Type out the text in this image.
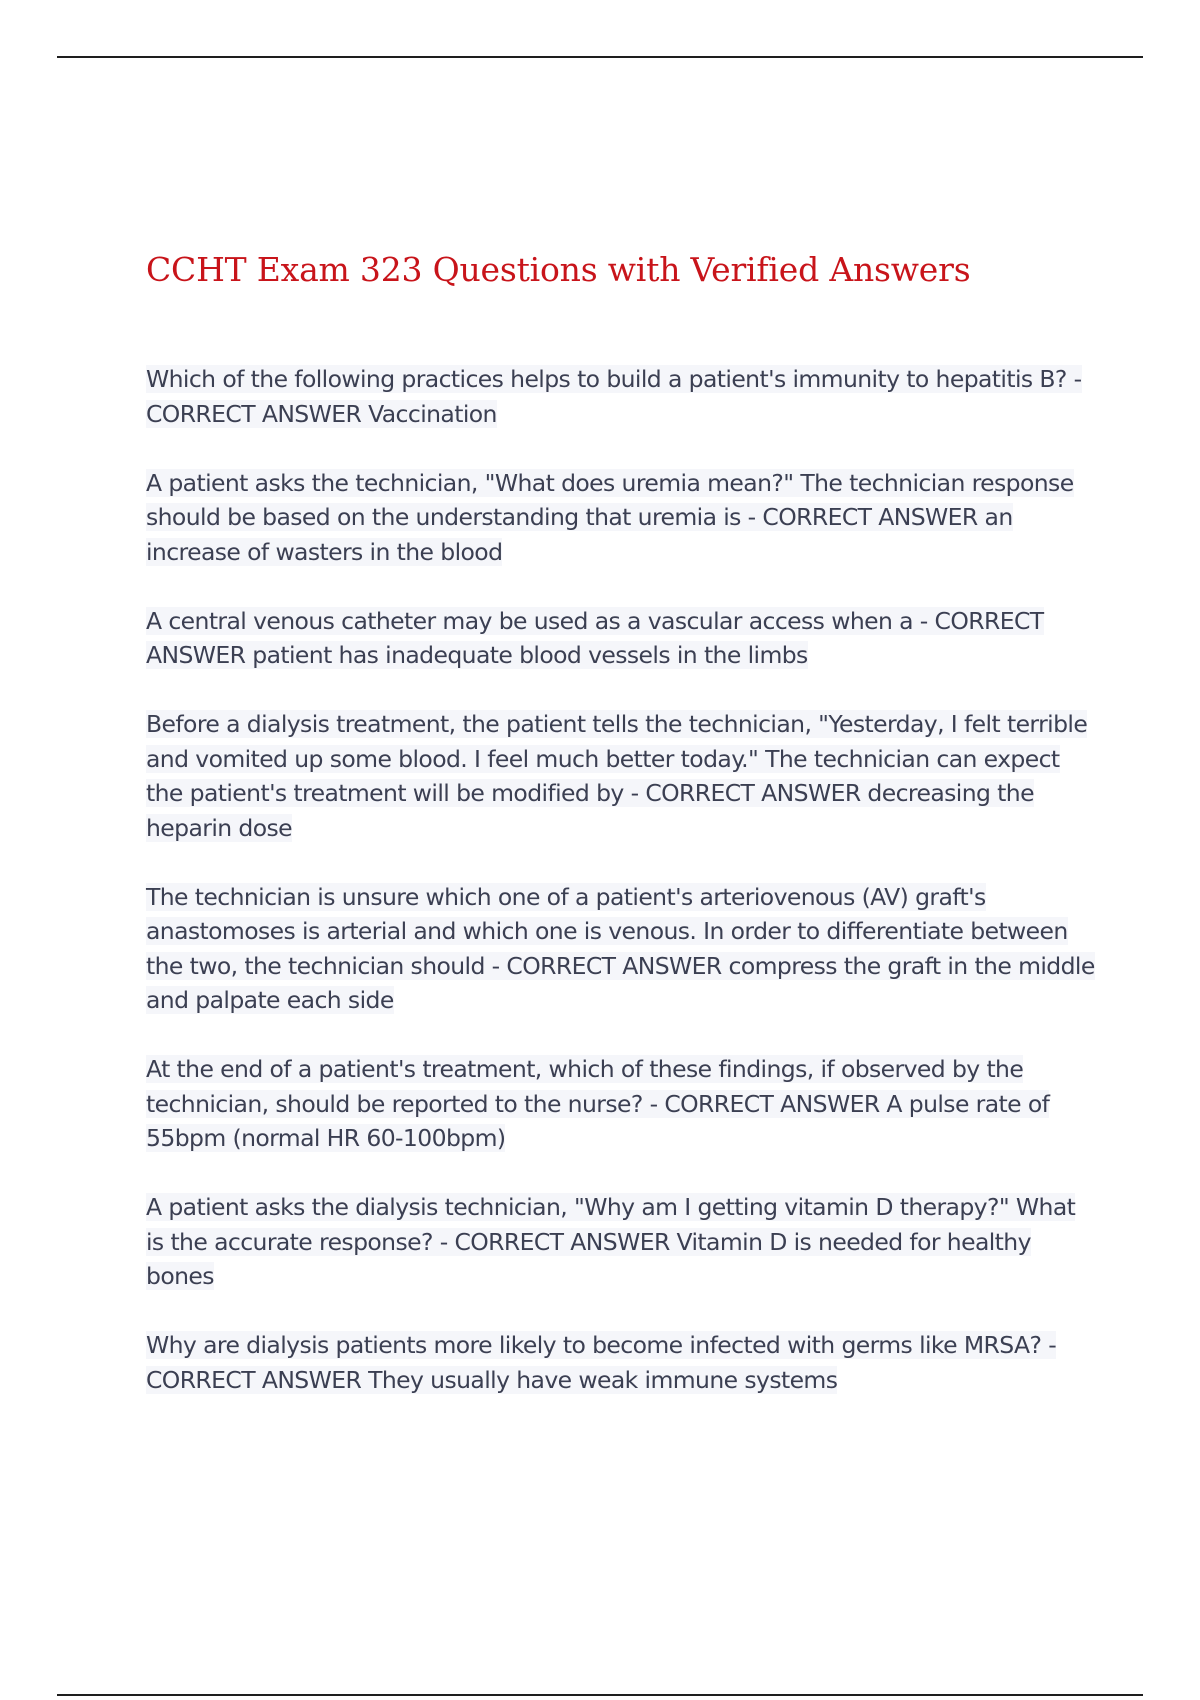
CCHT Exam 323 Questions with Verified Answers
Which of the following practices helps to build a patient's immunity to hepatitis B? - CORRECT ANSWER Vaccination
A patient asks the technician, "What does uremia mean?" The technician response should be based on the understanding that uremia is - CORRECT ANSWER an increase of wasters in the blood
A central venous catheter may be used as a vascular access when a - CORRECT ANSWER patient has inadequate blood vessels in the limbs
Before a dialysis treatment, the patient tells the technician, "Yesterday, I felt terrible and vomited up some blood. I feel much better today." The technician can expect the patient's treatment will be modified by - CORRECT ANSWER decreasing the heparin dose
The technician is unsure which one of a patient's arteriovenous (AV) graft's anastomoses is arterial and which one is venous. In order to differentiate between the two, the technician should - CORRECT ANSWER compress the graft in the middle and palpate each side
At the end of a patient's treatment, which of these findings, if observed by the technician, should be reported to the nurse? - CORRECT ANSWER A pulse rate of 55bpm (normal HR 60-100bpm)
A patient asks the dialysis technician, "Why am I getting vitamin D therapy?" What is the accurate response? - CORRECT ANSWER Vitamin D is needed for healthy bones
Why are dialysis patients more likely to become infected with germs like MRSA? - CORRECT ANSWER They usually have weak immune systems
